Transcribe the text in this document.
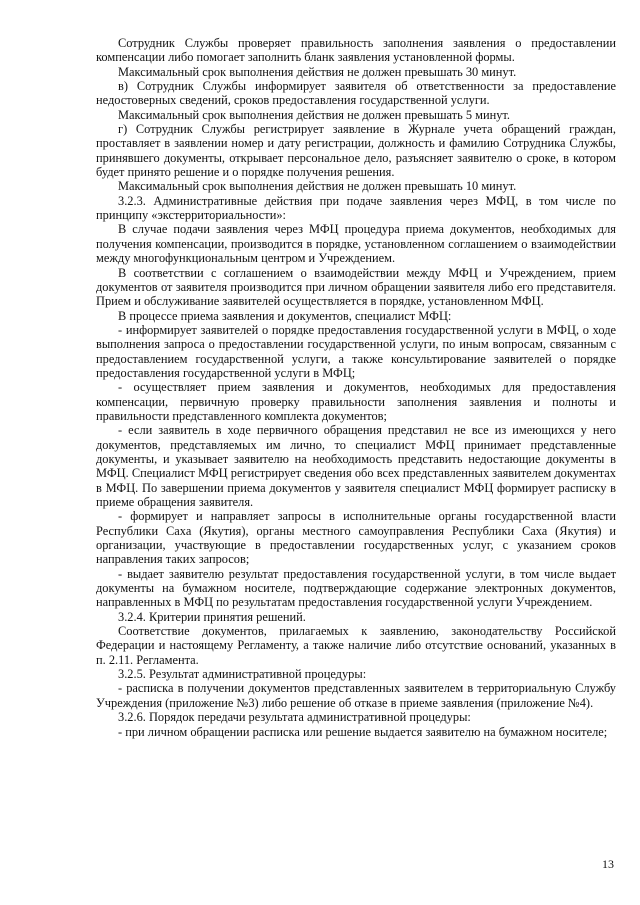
Сотрудник Службы проверяет правильность заполнения заявления о предоставлении компенсации либо помогает заполнить бланк заявления установленной формы.

Максимальный срок выполнения действия не должен превышать 30 минут.

в) Сотрудник Службы информирует заявителя об ответственности за предоставление недостоверных сведений, сроков предоставления государственной услуги.

Максимальный срок выполнения действия не должен превышать 5 минут.

г) Сотрудник Службы регистрирует заявление в Журнале учета обращений граждан, проставляет в заявлении номер и дату регистрации, должность и фамилию Сотрудника Службы, принявшего документы, открывает персональное дело, разъясняет заявителю о сроке, в котором будет принято решение и о порядке получения решения.

Максимальный срок выполнения действия не должен превышать 10 минут.

3.2.3. Административные действия при подаче заявления через МФЦ, в том числе по принципу «экстерриториальности»:

В случае подачи заявления через МФЦ процедура приема документов, необходимых для получения компенсации, производится в порядке, установленном соглашением о взаимодействии между многофункциональным центром и Учреждением.

В соответствии с соглашением о взаимодействии между МФЦ и Учреждением, прием документов от заявителя производится при личном обращении заявителя либо его представителя. Прием и обслуживание заявителей осуществляется в порядке, установленном МФЦ.

В процессе приема заявления и документов, специалист МФЦ:

- информирует заявителей о порядке предоставления государственной услуги в МФЦ, о ходе выполнения запроса о предоставлении государственной услуги, по иным вопросам, связанным с предоставлением государственной услуги, а также консультирование заявителей о порядке предоставления государственной услуги в МФЦ;

- осуществляет прием заявления и документов, необходимых для предоставления компенсации, первичную проверку правильности заполнения заявления и полноты и правильности представленного комплекта документов;

- если заявитель в ходе первичного обращения представил не все из имеющихся у него документов, представляемых им лично, то специалист МФЦ принимает представленные документы, и указывает заявителю на необходимость представить недостающие документы в МФЦ. Специалист МФЦ регистрирует сведения обо всех представленных заявителем документах в МФЦ. По завершении приема документов у заявителя специалист МФЦ формирует расписку в приеме обращения заявителя.

- формирует и направляет запросы в исполнительные органы государственной власти Республики Саха (Якутия), органы местного самоуправления Республики Саха (Якутия) и организации, участвующие в предоставлении государственных услуг, с указанием сроков направления таких запросов;

- выдает заявителю результат предоставления государственной услуги, в том числе выдает документы на бумажном носителе, подтверждающие содержание электронных документов, направленных в МФЦ по результатам предоставления государственной услуги Учреждением.

3.2.4. Критерии принятия решений.

Соответствие документов, прилагаемых к заявлению, законодательству Российской Федерации и настоящему Регламенту, а также наличие либо отсутствие оснований, указанных в п. 2.11. Регламента.

3.2.5. Результат административной процедуры:

- расписка в получении документов представленных заявителем в территориальную Службу Учреждения (приложение №3) либо решение об отказе в приеме заявления (приложение №4).

3.2.6. Порядок передачи результата административной процедуры:

- при личном обращении расписка или решение выдается заявителю на бумажном носителе;

13
